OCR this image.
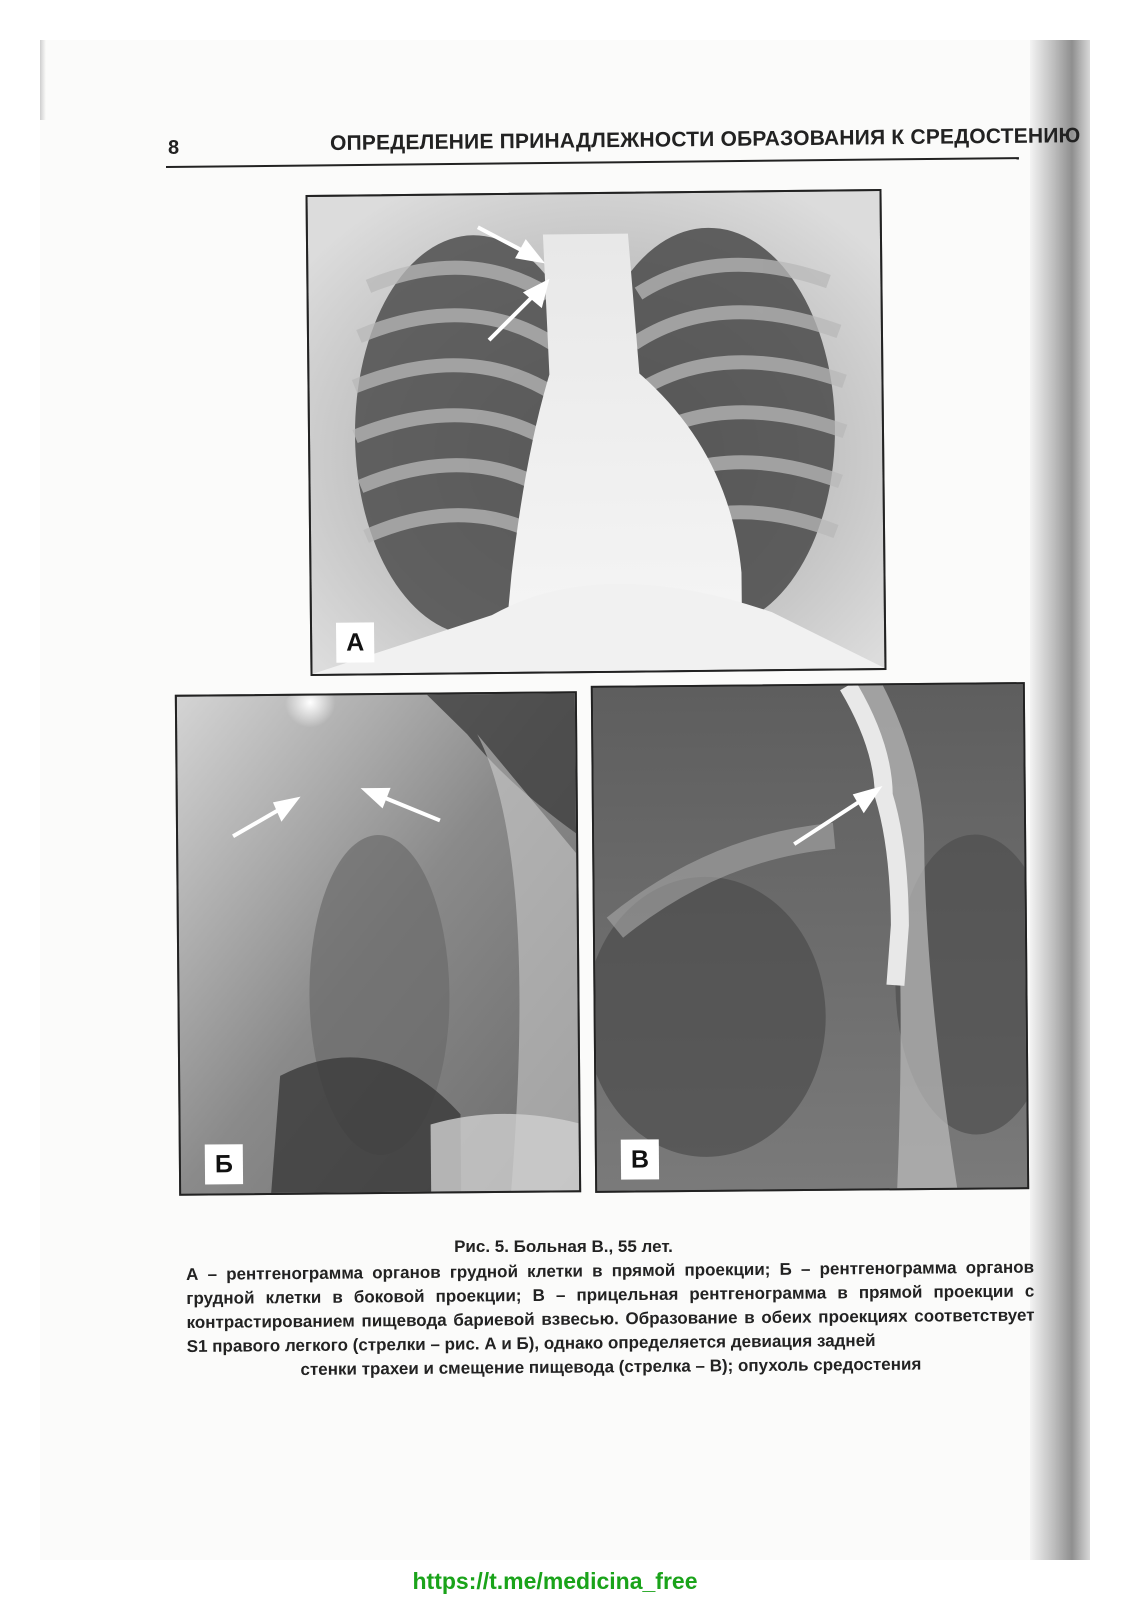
8	ОПРЕДЕЛЕНИЕ ПРИНАДЛЕЖНОСТИ ОБРАЗОВАНИЯ К СРЕДОСТЕНИЮ
А
Б	В
Рис. 5. Больная В., 55 лет.
А – рентгенограмма органов грудной клетки в прямой проекции; Б – рентгенограмма органов грудной клетки в боковой проекции; В – прицельная рентгенограмма в прямой проекции с контрастированием пищевода бариевой взвесью. Образование в обеих проекциях соответствует S1 правого легкого (стрелки – рис. А и Б), однако определяется девиация задней
стенки трахеи и смещение пищевода (стрелка – В); опухоль средостения
https://t.me/medicina_free
